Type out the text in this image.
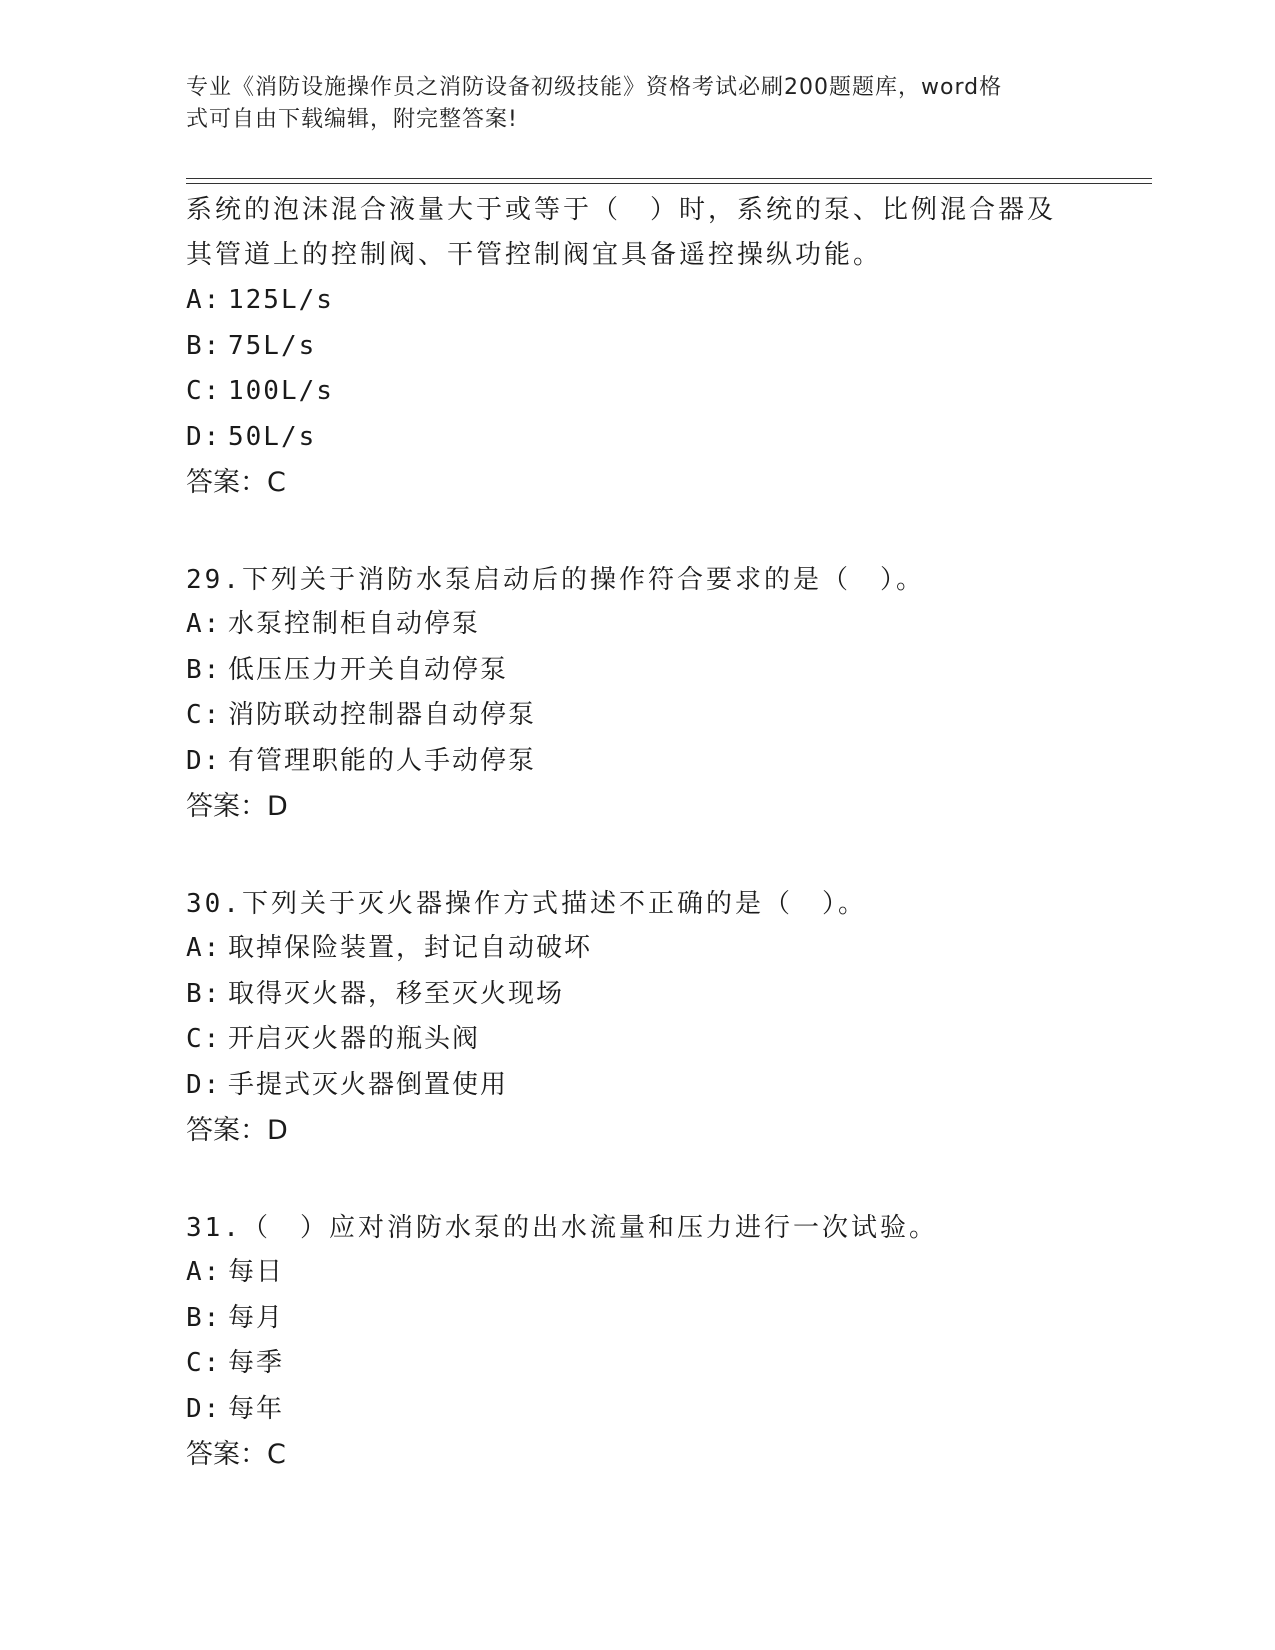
专业《消防设施操作员之消防设备初级技能》资格考试必刷200题题库，word格
式可自由下载编辑，附完整答案!

系统的泡沫混合液量大于或等于（　）时，系统的泵、比例混合器及

其管道上的控制阀、干管控制阀宜具备遥控操纵功能。

A: 125L/s

B: 75L/s

C: 100L/s

D: 50L/s

答案：C

29.下列关于消防水泵启动后的操作符合要求的是（　）。

A: 水泵控制柜自动停泵

B: 低压压力开关自动停泵

C: 消防联动控制器自动停泵

D: 有管理职能的人手动停泵

答案：D

30.下列关于灭火器操作方式描述不正确的是（　）。

A: 取掉保险装置，封记自动破坏

B: 取得灭火器，移至灭火现场

C: 开启灭火器的瓶头阀

D: 手提式灭火器倒置使用

答案：D

31.（　）应对消防水泵的出水流量和压力进行一次试验。

A: 每日

B: 每月

C: 每季

D: 每年

答案：C
